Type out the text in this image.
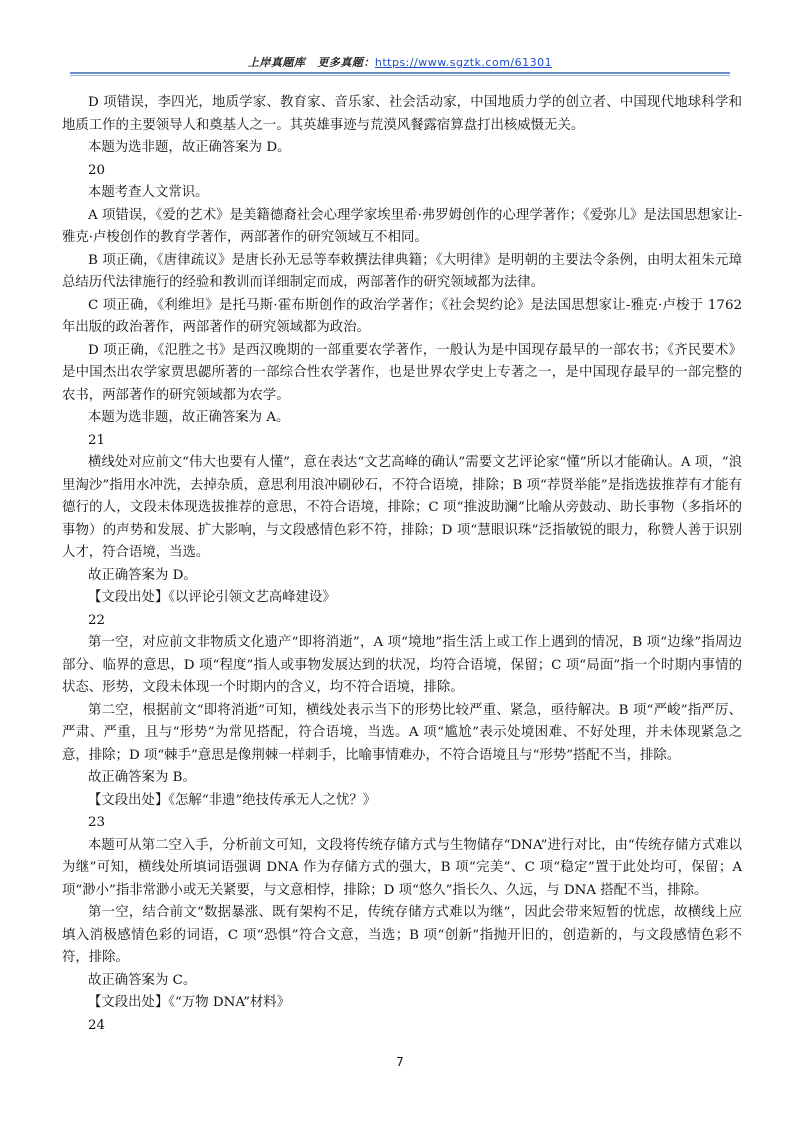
上岸真题库 更多真题：https://www.sgztk.com/61301

D 项错误，李四光，地质学家、教育家、音乐家、社会活动家，中国地质力学的创立者、中国现代地球科学和地质工作的主要领导人和奠基人之一。其英雄事迹与荒漠风餐露宿算盘打出核威慑无关。

本题为选非题，故正确答案为 D。

20

本题考查人文常识。

A 项错误，《爱的艺术》是美籍德裔社会心理学家埃里希·弗罗姆创作的心理学著作；《爱弥儿》是法国思想家让-雅克·卢梭创作的教育学著作，两部著作的研究领域互不相同。

B 项正确，《唐律疏议》是唐长孙无忌等奉敕撰法律典籍；《大明律》是明朝的主要法令条例，由明太祖朱元璋总结历代法律施行的经验和教训而详细制定而成，两部著作的研究领域都为法律。

C 项正确，《利维坦》是托马斯·霍布斯创作的政治学著作；《社会契约论》是法国思想家让-雅克·卢梭于 1762 年出版的政治著作，两部著作的研究领域都为政治。

D 项正确，《氾胜之书》是西汉晚期的一部重要农学著作，一般认为是中国现存最早的一部农书；《齐民要术》是中国杰出农学家贾思勰所著的一部综合性农学著作，也是世界农学史上专著之一，是中国现存最早的一部完整的农书，两部著作的研究领域都为农学。

本题为选非题，故正确答案为 A。

21

横线处对应前文“伟大也要有人懂”，意在表达“文艺高峰的确认”需要文艺评论家“懂”所以才能确认。A 项，“浪里淘沙”指用水冲洗，去掉杂质，意思利用浪冲刷砂石，不符合语境，排除；B 项“荐贤举能”是指选拔推荐有才能有德行的人，文段未体现选拔推荐的意思，不符合语境，排除；C 项“推波助澜”比喻从旁鼓动、助长事物（多指坏的事物）的声势和发展、扩大影响，与文段感情色彩不符，排除；D 项“慧眼识珠”泛指敏锐的眼力，称赞人善于识别人才，符合语境，当选。

故正确答案为 D。

【文段出处】《以评论引领文艺高峰建设》

22

第一空，对应前文非物质文化遗产“即将消逝”，A 项“境地”指生活上或工作上遇到的情况，B 项“边缘”指周边部分、临界的意思，D 项“程度”指人或事物发展达到的状况，均符合语境，保留；C 项“局面”指一个时期内事情的状态、形势，文段未体现一个时期内的含义，均不符合语境，排除。

第二空，根据前文“即将消逝”可知，横线处表示当下的形势比较严重、紧急，亟待解决。B 项“严峻”指严厉、严肃、严重，且与“形势”为常见搭配，符合语境，当选。A 项“尴尬”表示处境困难、不好处理，并未体现紧急之意，排除；D 项“棘手”意思是像荆棘一样刺手，比喻事情难办，不符合语境且与“形势”搭配不当，排除。

故正确答案为 B。

【文段出处】《怎解“非遗”绝技传承无人之忧？》

23

本题可从第二空入手，分析前文可知，文段将传统存储方式与生物储存“DNA”进行对比，由“传统存储方式难以为继”可知，横线处所填词语强调 DNA 作为存储方式的强大，B 项“完美”、C 项“稳定”置于此处均可，保留；A 项“渺小”指非常渺小或无关紧要，与文意相悖，排除；D 项“悠久”指长久、久远，与 DNA 搭配不当，排除。

第一空，结合前文“数据暴涨、既有架构不足，传统存储方式难以为继”，因此会带来短暂的忧虑，故横线上应填入消极感情色彩的词语，C 项“恐惧”符合文意，当选；B 项“创新”指抛开旧的，创造新的，与文段感情色彩不符，排除。

故正确答案为 C。

【文段出处】《“万物 DNA”材料》

24

7
